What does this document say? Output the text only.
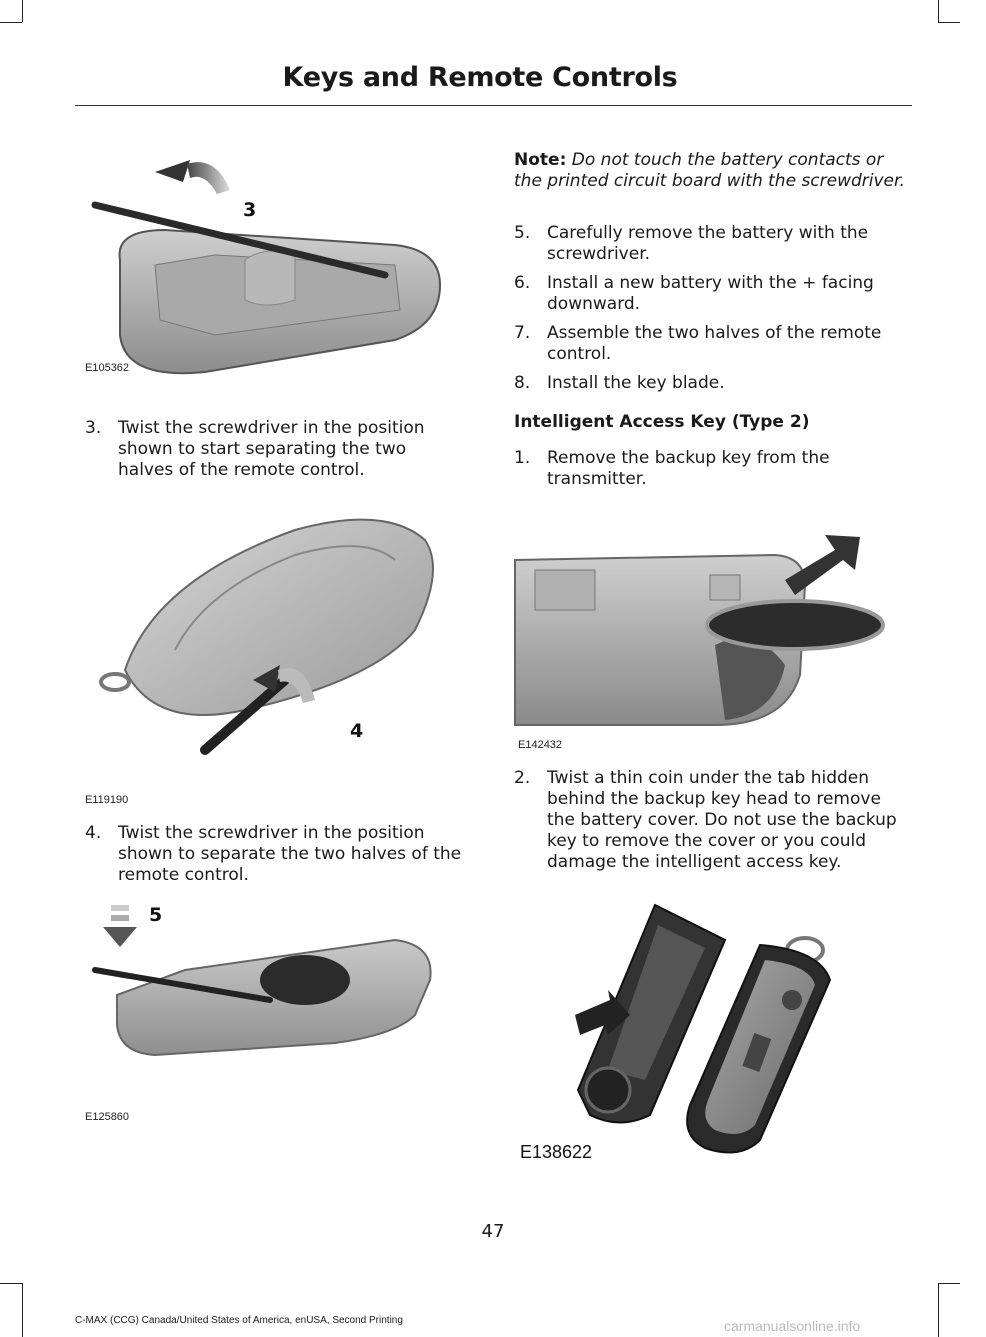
Keys and Remote Controls
3
E105362
3. Twist the screwdriver in the position shown to start separating the two halves of the remote control.
4
E119190
4. Twist the screwdriver in the position shown to separate the two halves of the remote control.
5
E125860
Note: Do not touch the battery contacts or the printed circuit board with the screwdriver.
5. Carefully remove the battery with the screwdriver.
6. Install a new battery with the + facing downward.
7. Assemble the two halves of the remote control.
8. Install the key blade.
Intelligent Access Key (Type 2)
1. Remove the backup key from the transmitter.
E142432
2. Twist a thin coin under the tab hidden behind the backup key head to remove the battery cover. Do not use the backup key to remove the cover or you could damage the intelligent access key.
E138622
47
C-MAX (CCG) Canada/United States of America, enUSA, Second Printing	carmanualsonline.info
